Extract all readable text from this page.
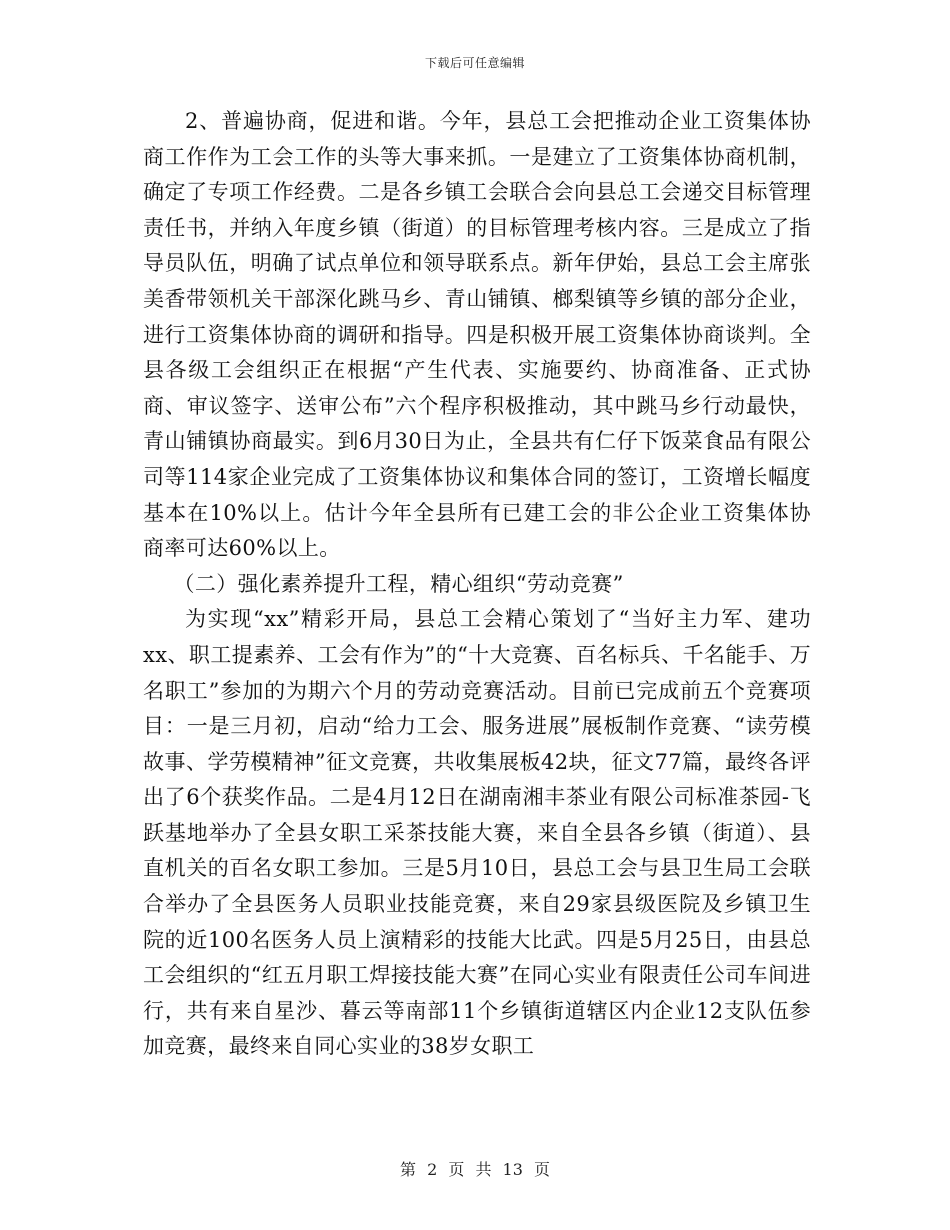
下载后可任意编辑

2、普遍协商，促进和谐。今年，县总工会把推动企业工资集体协商工作作为工会工作的头等大事来抓。一是建立了工资集体协商机制，确定了专项工作经费。二是各乡镇工会联合会向县总工会递交目标管理责任书，并纳入年度乡镇（街道）的目标管理考核内容。三是成立了指导员队伍，明确了试点单位和领导联系点。新年伊始，县总工会主席张美香带领机关干部深化跳马乡、青山铺镇、榔梨镇等乡镇的部分企业，进行工资集体协商的调研和指导。四是积极开展工资集体协商谈判。全县各级工会组织正在根据“产生代表、实施要约、协商准备、正式协商、审议签字、送审公布”六个程序积极推动，其中跳马乡行动最快，青山铺镇协商最实。到6月30日为止，全县共有仁仔下饭菜食品有限公司等114家企业完成了工资集体协议和集体合同的签订，工资增长幅度基本在10%以上。估计今年全县所有已建工会的非公企业工资集体协商率可达60%以上。

（二）强化素养提升工程，精心组织“劳动竞赛”

为实现“xx”精彩开局，县总工会精心策划了“当好主力军、建功xx、职工提素养、工会有作为”的“十大竞赛、百名标兵、千名能手、万名职工”参加的为期六个月的劳动竞赛活动。目前已完成前五个竞赛项目：一是三月初，启动“给力工会、服务进展”展板制作竞赛、“读劳模故事、学劳模精神”征文竞赛，共收集展板42块，征文77篇，最终各评出了6个获奖作品。二是4月12日在湖南湘丰茶业有限公司标准茶园-飞跃基地举办了全县女职工采茶技能大赛，来自全县各乡镇（街道）、县直机关的百名女职工参加。三是5月10日，县总工会与县卫生局工会联合举办了全县医务人员职业技能竞赛，来自29家县级医院及乡镇卫生院的近100名医务人员上演精彩的技能大比武。四是5月25日，由县总工会组织的“红五月职工焊接技能大赛”在同心实业有限责任公司车间进行，共有来自星沙、暮云等南部11个乡镇街道辖区内企业12支队伍参加竞赛，最终来自同心实业的38岁女职工

第 2 页 共 13 页
